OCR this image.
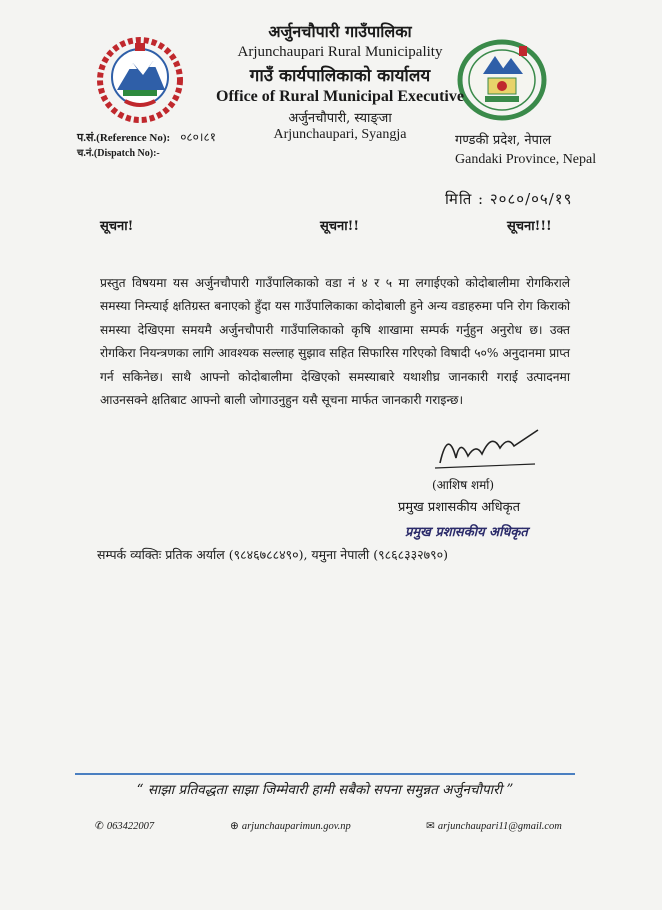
अर्जुनचौपारी गाउँपालिका
Arjunchaupari Rural Municipality
गाउँ कार्यपालिकाको कार्यालय
Office of Rural Municipal Executive
अर्जुनचौपारी, स्याङ्जा
Arjunchaupari, Syangja
प.सं.(Reference No): ०८०।८१
च.नं.(Dispatch No):-
गण्डकी प्रदेश, नेपाल
Gandaki Province, Nepal
मिति : २०८०/०५/१९
सूचना!	सूचना!!	सूचना!!!
प्रस्तुत विषयमा यस अर्जुनचौपारी गाउँपालिकाको वडा नं ४ र ५ मा लगाईएको कोदोबालीमा रोगकिराले समस्या निम्त्याई क्षतिग्रस्त बनाएको हुँदा यस गाउँपालिकाका कोदोबाली हुने अन्य वडाहरुमा पनि रोग किराको समस्या देखिएमा समयमै अर्जुनचौपारी गाउँपालिकाको कृषि शाखामा सम्पर्क गर्नुहुन अनुरोध छ। उक्त रोगकिरा नियन्त्रणका लागि आवश्यक सल्लाह सुझाव सहित सिफारिस गरिएको विषादी ५०% अनुदानमा प्राप्त गर्न सकिनेछ। साथै आफ्नो कोदोबालीमा देखिएको समस्याबारे यथाशीघ्र जानकारी गराई उत्पादनमा आउनसक्ने क्षतिबाट आफ्नो बाली जोगाउनुहुन यसै सूचना मार्फत जानकारी गराइन्छ।
(आशिष शर्मा)
प्रमुख प्रशासकीय अधिकृत
प्रमुख प्रशासकीय अधिकृत
सम्पर्क व्यक्तिः प्रतिक अर्याल (९८४६७८८४९०), यमुना नेपाली (९८६८३३२७९०)
“ साझा प्रतिवद्धता साझा जिम्मेवारी हामी सबैको सपना समुन्नत अर्जुनचौपारी ”
✆ 063422007	⊕ arjunchauparimun.gov.np	✉ arjunchaupari11@gmail.com
